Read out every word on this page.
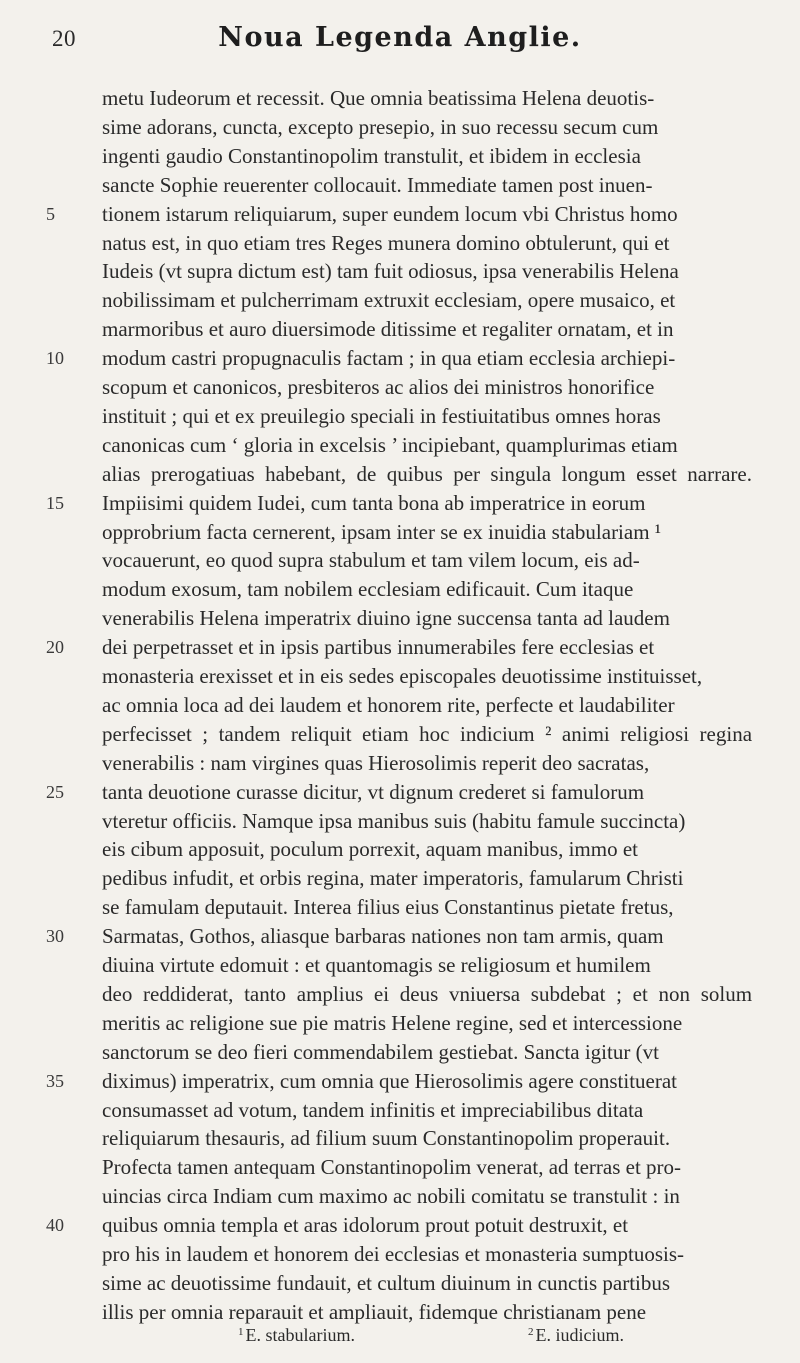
20	Noua Legenda Anglie.
metu Iudeorum et recessit. Que omnia beatissima Helena deuotis-
sime adorans, cuncta, excepto presepio, in suo recessu secum cum
ingenti gaudio Constantinopolim transtulit, et ibidem in ecclesia
sancte Sophie reuerenter collocauit. Immediate tamen post inuen-
5	tionem istarum reliquiarum, super eundem locum vbi Christus homo
natus est, in quo etiam tres Reges munera domino obtulerunt, qui et
Iudeis (vt supra dictum est) tam fuit odiosus, ipsa venerabilis Helena
nobilissimam et pulcherrimam extruxit ecclesiam, opere musaico, et
marmoribus et auro diuersimode ditissime et regaliter ornatam, et in
10	modum castri propugnaculis factam ; in qua etiam ecclesia archiepi-
scopum et canonicos, presbiteros ac alios dei ministros honorifice
instituit ; qui et ex preuilegio speciali in festiuitatibus omnes horas
canonicas cum ‘ gloria in excelsis ’ incipiebant, quamplurimas etiam
alias prerogatiuas habebant, de quibus per singula longum esset narrare.
15	Impiisimi quidem Iudei, cum tanta bona ab imperatrice in eorum
opprobrium facta cernerent, ipsam inter se ex inuidia stabulariam ¹
vocauerunt, eo quod supra stabulum et tam vilem locum, eis ad-
modum exosum, tam nobilem ecclesiam edificauit. Cum itaque
venerabilis Helena imperatrix diuino igne succensa tanta ad laudem
20	dei perpetrasset et in ipsis partibus innumerabiles fere ecclesias et
monasteria erexisset et in eis sedes episcopales deuotissime instituisset,
ac omnia loca ad dei laudem et honorem rite, perfecte et laudabiliter
perfecisset ; tandem reliquit etiam hoc indicium ² animi religiosi regina
venerabilis : nam virgines quas Hierosolimis reperit deo sacratas,
25	tanta deuotione curasse dicitur, vt dignum crederet si famulorum
vteretur officiis. Namque ipsa manibus suis (habitu famule succincta)
eis cibum apposuit, poculum porrexit, aquam manibus, immo et
pedibus infudit, et orbis regina, mater imperatoris, famularum Christi
se famulam deputauit. Interea filius eius Constantinus pietate fretus,
30	Sarmatas, Gothos, aliasque barbaras nationes non tam armis, quam
diuina virtute edomuit : et quantomagis se religiosum et humilem
deo reddiderat, tanto amplius ei deus vniuersa subdebat ; et non solum
meritis ac religione sue pie matris Helene regine, sed et intercessione
sanctorum se deo fieri commendabilem gestiebat. Sancta igitur (vt
35	diximus) imperatrix, cum omnia que Hierosolimis agere constituerat
consumasset ad votum, tandem infinitis et impreciabilibus ditata
reliquiarum thesauris, ad filium suum Constantinopolim properauit.
Profecta tamen antequam Constantinopolim venerat, ad terras et pro-
uincias circa Indiam cum maximo ac nobili comitatu se transtulit : in
40	quibus omnia templa et aras idolorum prout potuit destruxit, et
pro his in laudem et honorem dei ecclesias et monasteria sumptuosis-
sime ac deuotissime fundauit, et cultum diuinum in cunctis partibus
illis per omnia reparauit et ampliauit, fidemque christianam pene
$^1$ E. stabularium.	$^2$ E. iudicium.
